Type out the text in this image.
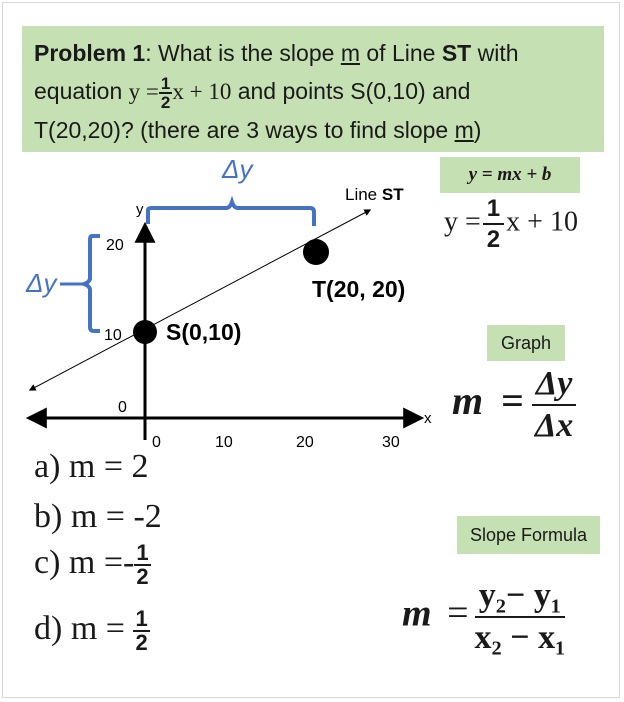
Problem 1: What is the slope m of Line ST with
equation $y = \frac{1}{2}$ x + 10 and points S(0,10) and
T(20,20)? (there are 3 ways to find slope m)
Δy
Δy
Line ST
y
x
20
10
0
0	10	20	30
S(0,10)
T(20, 20)
y = mx + b
$y = \frac{1}{2}$ x + 10
Graph
$m = \frac{\Delta y}{\Delta x}$
Slope Formula
$m = \frac{\text{y₂− y₁}}{\text{x₂ − x₁}}$
a) m = 2
b) m = -2
c) $m =- \frac{1}{2}$
d) $m = \frac{1}{2}$
